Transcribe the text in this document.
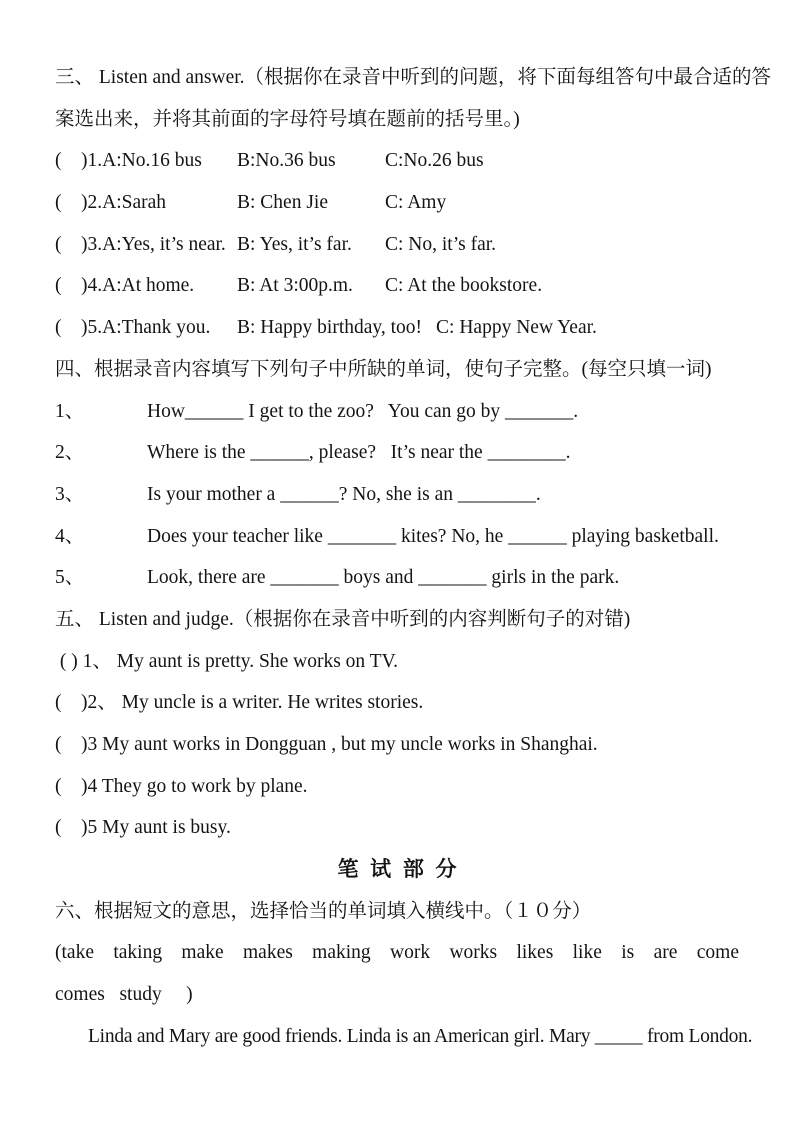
三、 Listen and answer.（根据你在录音中听到的问题，将下面每组答句中最合适的答
案选出来，并将其前面的字母符号填在题前的括号里。)
(    )1.A:No.16 bus	B:No.36 bus	C:No.26 bus
(    )2.A:Sarah	B: Chen Jie	C: Amy
(    )3.A:Yes, it’s near. B: Yes, it’s far.	C: No, it’s far.
(    )4.A:At home.	B: At 3:00p.m.	C: At the bookstore.
(    )5.A:Thank you.	B: Happy birthday, too! C: Happy New Year.
四、根据录音内容填写下列句子中所缺的单词，使句子完整。(每空只填一词)
1、	How______ I get to the zoo?   You can go by _______.
2、	Where is the ______, please?   It’s near the ________.
3、	Is your mother a ______? No, she is an ________.
4、	Does your teacher like _______ kites? No, he ______ playing basketball.
5、	Look, there are _______ boys and _______ girls in the park.
五、 Listen and judge.（根据你在录音中听到的内容判断句子的对错)
( ) 1、 My aunt is pretty. She works on TV.
(    )2、 My uncle is a writer. He writes stories.
(    )3 My aunt works in Dongguan , but my uncle works in Shanghai.
(    )4 They go to work by plane.
(    )5 My aunt is busy.
笔  试  部  分
六、根据短文的意思，选择恰当的单词填入横线中。（１０分）
(take taking make makes making work works likes like is are come
comes   study     )
Linda and Mary are good friends. Linda is an American girl. Mary _____ from London.
